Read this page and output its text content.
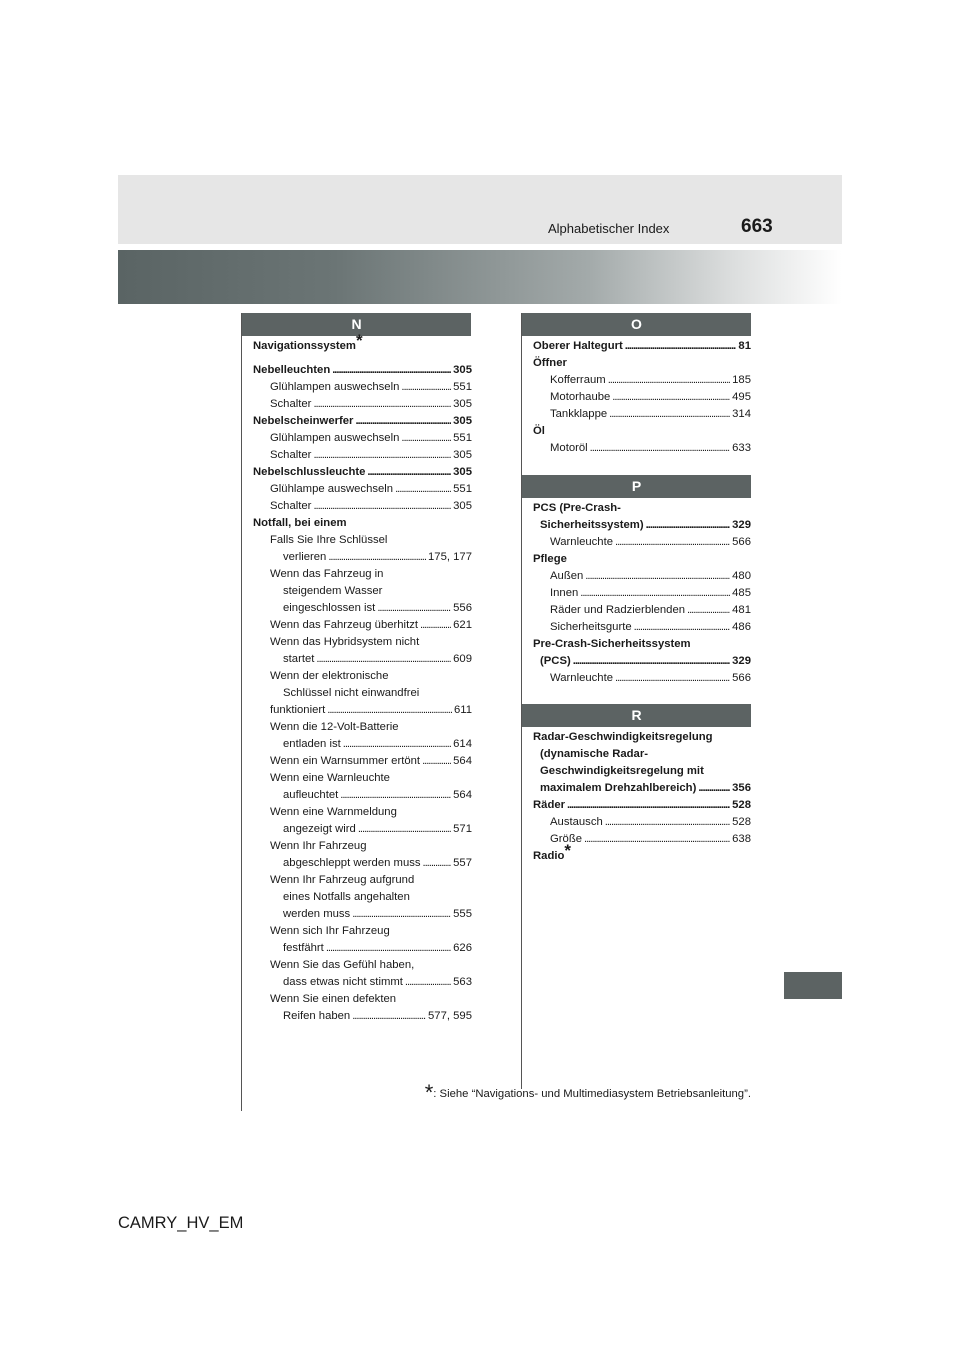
Alphabetischer Index	663
N	O
P
R
Navigationssystem*
Nebelleuchten . . .	305
Glühlampen auswechseln . . .	551
Schalter . . .	305
Nebelscheinwerfer . . .	305
Glühlampen auswechseln . . .	551
Schalter . . .	305
Nebelschlussleuchte . . .	305
Glühlampe auswechseln . . .	551
Schalter . . .	305
Notfall, bei einem
Falls Sie Ihre Schlüssel
verlieren . . .	175, 177
Wenn das Fahrzeug in
steigendem Wasser
eingeschlossen ist . . .	556
Wenn das Fahrzeug überhitzt . . .	621
Wenn das Hybridsystem nicht
startet . . .	609
Wenn der elektronische
Schlüssel nicht einwandfrei
funktioniert . . .	611
Wenn die 12-Volt-Batterie
entladen ist . . .	614
Wenn ein Warnsummer ertönt . . .	564
Wenn eine Warnleuchte
aufleuchtet . . .	564
Wenn eine Warnmeldung
angezeigt wird . . .	571
Wenn Ihr Fahrzeug
abgeschleppt werden muss . . .	557
Wenn Ihr Fahrzeug aufgrund
eines Notfalls angehalten
werden muss . . .	555
Wenn sich Ihr Fahrzeug
festfährt . . .	626
Wenn Sie das Gefühl haben,
dass etwas nicht stimmt . . .	563
Wenn Sie einen defekten
Reifen haben . . .	577, 595
Oberer Haltegurt . . .	81
Öffner
Kofferraum . . .	185
Motorhaube . . .	495
Tankklappe . . .	314
Öl
Motoröl . . .	633
PCS (Pre-Crash-
Sicherheitssystem) . . .	329
Warnleuchte . . .	566
Pflege
Außen . . .	480
Innen . . .	485
Räder und Radzierblenden . . .	481
Sicherheitsgurte . . .	486
Pre-Crash-Sicherheitssystem
(PCS) . . .	329
Warnleuchte . . .	566
Radar-Geschwindigkeitsregelung
(dynamische Radar-
Geschwindigkeitsregelung mit
maximalem Drehzahlbereich) . . .	356
Räder . . .	528
Austausch . . .	528
Größe . . .	638
Radio*
*: Siehe “Navigations- und Multimediasystem Betriebsanleitung”.
CAMRY_HV_EM
